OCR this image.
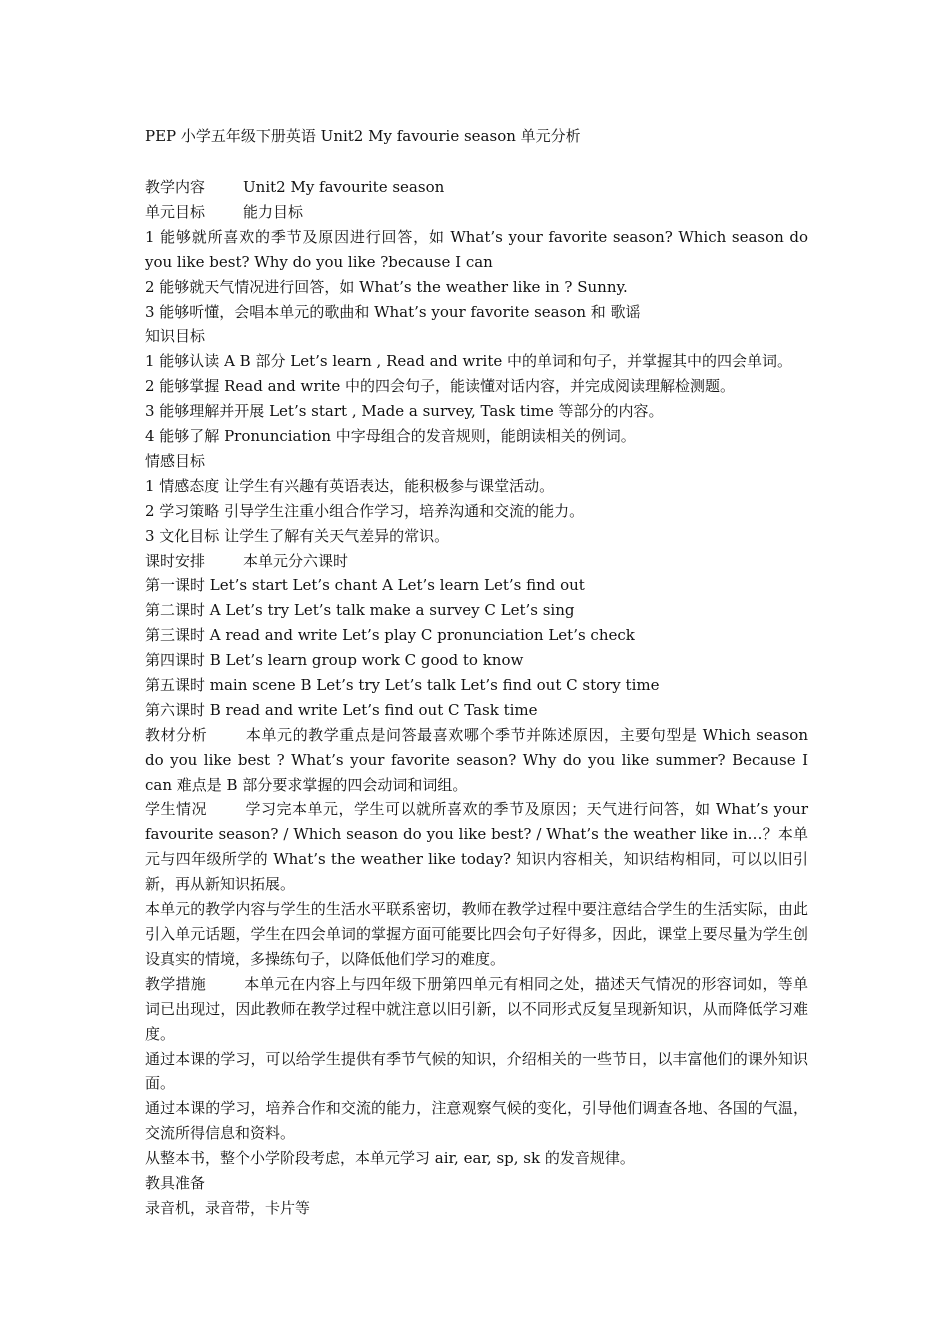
PEP 小学五年级下册英语 Unit2 My favourie season 单元分析
教学内容	Unit2 My favourite season
单元目标	能力目标
1 能够就所喜欢的季节及原因进行回答，如 What’s your favorite season? Which season do you like best? Why do you like ?because I can
2 能够就天气情况进行回答，如 What’s the weather like in ? Sunny.
3 能够听懂，会唱本单元的歌曲和 What’s your favorite season 和 歌谣
知识目标
1 能够认读 A B 部分 Let’s learn , Read and write 中的单词和句子，并掌握其中的四会单词。
2 能够掌握 Read and write 中的四会句子，能读懂对话内容，并完成阅读理解检测题。
3 能够理解并开展 Let’s start , Made a survey, Task time 等部分的内容。
4 能够了解 Pronunciation 中字母组合的发音规则，能朗读相关的例词。
情感目标
1 情感态度 让学生有兴趣有英语表达，能积极参与课堂活动。
2 学习策略 引导学生注重小组合作学习，培养沟通和交流的能力。
3 文化目标 让学生了解有关天气差异的常识。
课时安排	本单元分六课时
第一课时 Let’s start Let’s chant A Let’s learn Let’s find out
第二课时 A Let’s try Let’s talk make a survey C Let’s sing
第三课时 A read and write Let’s play C pronunciation Let’s check
第四课时 B Let’s learn group work C good to know
第五课时 main scene B Let’s try Let’s talk Let’s find out C story time
第六课时 B read and write Let’s find out C Task time
教材分析	本单元的教学重点是问答最喜欢哪个季节并陈述原因，主要句型是 Which season do you like best ? What’s your favorite season? Why do you like summer? Because I can 难点是 B 部分要求掌握的四会动词和词组。
学生情况	学习完本单元，学生可以就所喜欢的季节及原因；天气进行问答，如 What’s your favourite season? / Which season do you like best? / What’s the weather like in…？本单元与四年级所学的 What’s the weather like today? 知识内容相关，知识结构相同，可以以旧引新，再从新知识拓展。
本单元的教学内容与学生的生活水平联系密切，教师在教学过程中要注意结合学生的生活实际，由此引入单元话题，学生在四会单词的掌握方面可能要比四会句子好得多，因此，课堂上要尽量为学生创设真实的情境，多操练句子，以降低他们学习的难度。
教学措施	本单元在内容上与四年级下册第四单元有相同之处，描述天气情况的形容词如，等单词已出现过，因此教师在教学过程中就注意以旧引新，以不同形式反复呈现新知识，从而降低学习难度。
通过本课的学习，可以给学生提供有季节气候的知识，介绍相关的一些节日，以丰富他们的课外知识面。
通过本课的学习，培养合作和交流的能力，注意观察气候的变化，引导他们调查各地、各国的气温，交流所得信息和资料。
从整本书，整个小学阶段考虑，本单元学习 air, ear, sp, sk 的发音规律。
教具准备
录音机，录音带，卡片等
